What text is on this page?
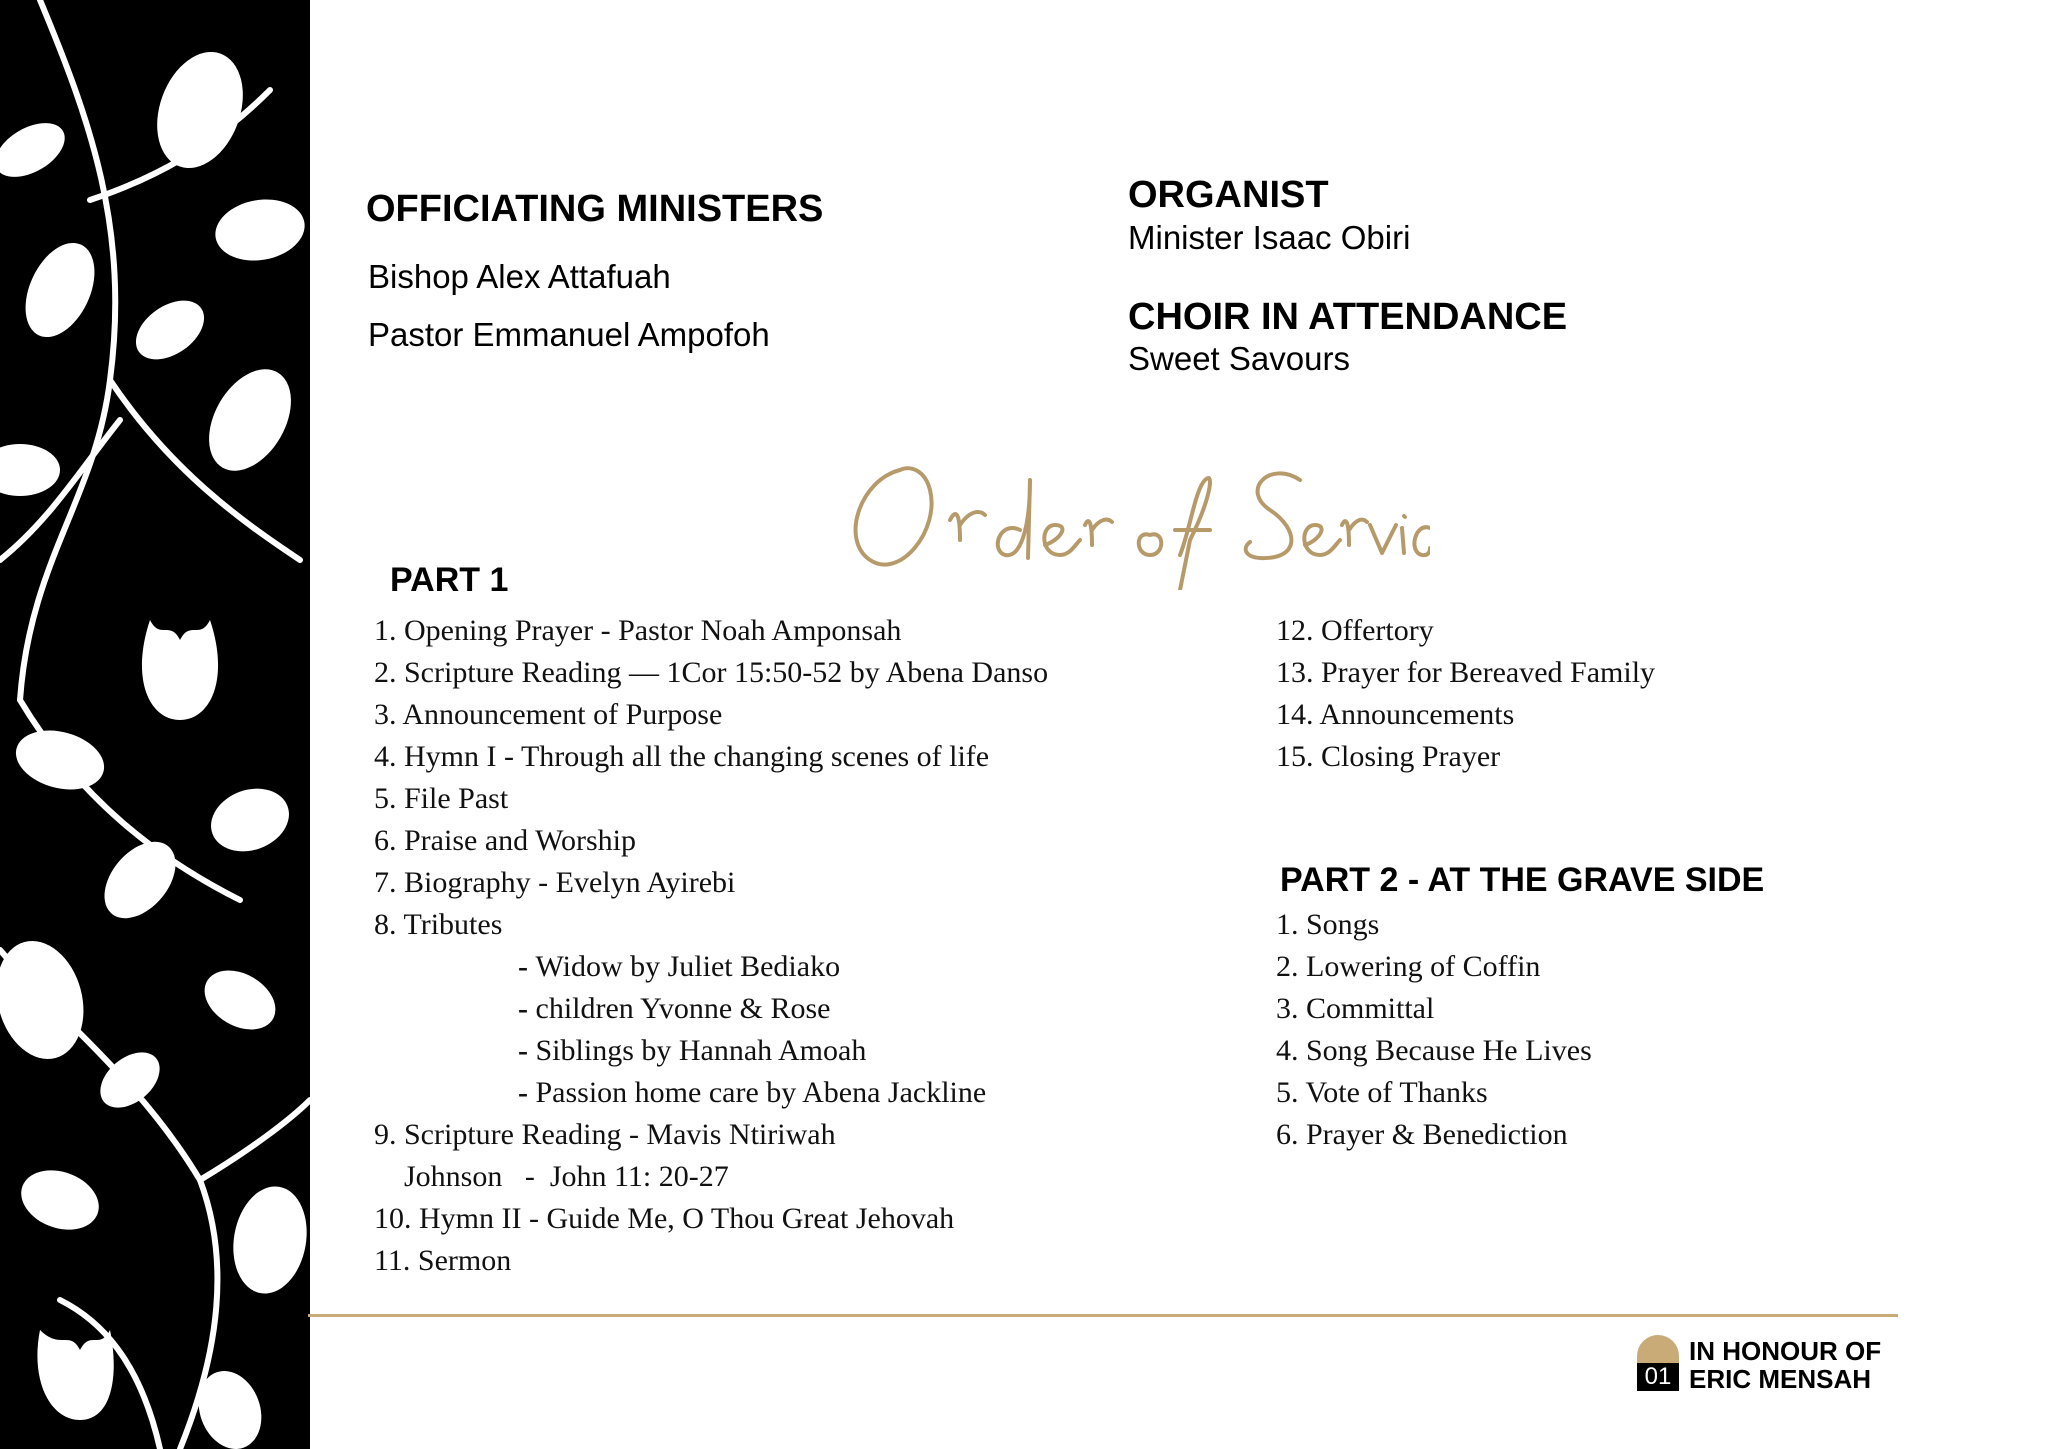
OFFICIATING MINISTERS
Bishop Alex Attafuah
Pastor Emmanuel Ampofoh
ORGANIST
Minister Isaac Obiri
CHOIR IN ATTENDANCE
Sweet Savours
PART 1
1. Opening Prayer - Pastor Noah Amponsah
2. Scripture Reading — 1Cor 15:50-52 by Abena Danso
3. Announcement of Purpose
4. Hymn I - Through all the changing scenes of life
5. File Past
6. Praise and Worship
7. Biography - Evelyn Ayirebi
8. Tributes
- Widow by Juliet Bediako
- children Yvonne & Rose
- Siblings by Hannah Amoah
- Passion home care by Abena Jackline
9. Scripture Reading - Mavis Ntiriwah
Johnson   -  John 11: 20-27
10. Hymn II - Guide Me, O Thou Great Jehovah
11. Sermon
12. Offertory
13. Prayer for Bereaved Family
14. Announcements
15. Closing Prayer
PART 2 - AT THE GRAVE SIDE
1. Songs
2. Lowering of Coffin
3. Committal
4. Song Because He Lives
5. Vote of Thanks
6. Prayer & Benediction
01
IN HONOUR OF
ERIC MENSAH
